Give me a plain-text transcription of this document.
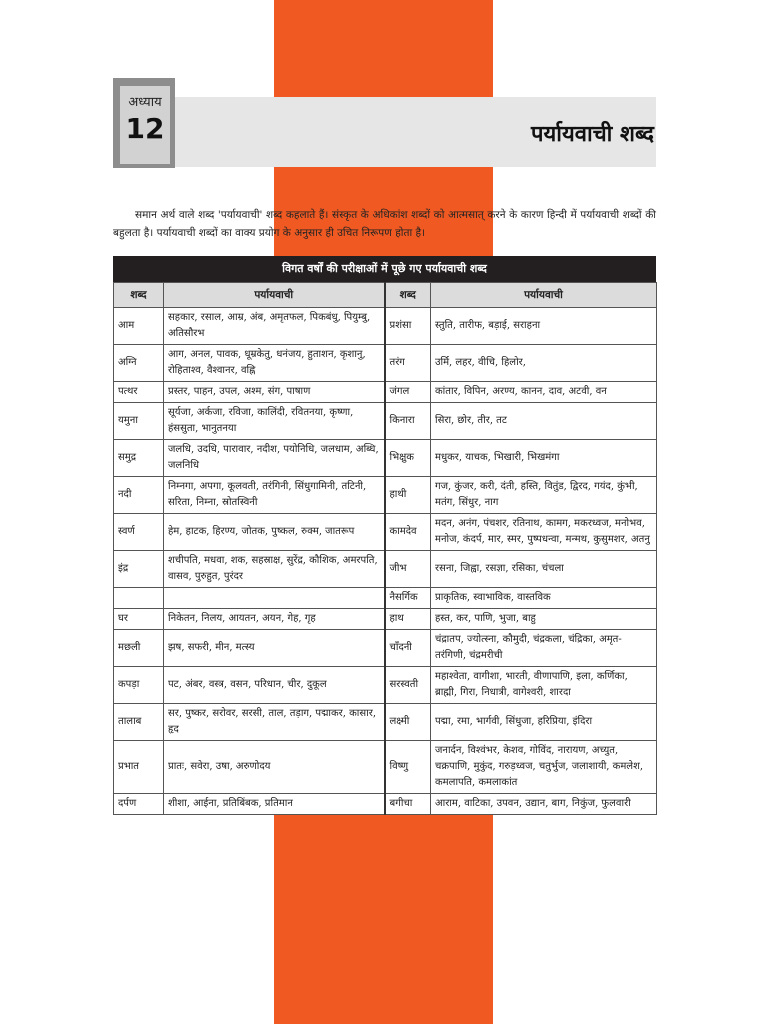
अध्याय
12	पर्यायवाची शब्द
समान अर्थ वाले शब्द 'पर्यायवाची' शब्द कहलाते हैं। संस्कृत के अधिकांश शब्दों को आत्मसात् करने के कारण हिन्दी में पर्यायवाची शब्दों की बहुलता है। पर्यायवाची शब्दों का वाक्य प्रयोग के अनुसार ही उचित निरूपण होता है।
विगत वर्षों की परीक्षाओं में पूछे गए पर्यायवाची शब्द
शब्द	पर्यायवाची	शब्द	पर्यायवाची
आम	सहकार, रसाल, आम्र, अंब, अमृतफल, पिकबंधु, पियुम्बु, अतिसौरभ	प्रशंसा	स्तुति, तारीफ, बड़ाई, सराहना
अग्नि	आग, अनल, पावक, धूम्रकेतु, धनंजय, हुताशन, कृशानु, रोहिताश्व, वैश्वानर, वह्नि	तरंग	उर्मि, लहर, वीचि, हिलोर,
पत्थर	प्रस्तर, पाहन, उपल, अश्म, संग, पाषाण	जंगल	कांतार, विपिन, अरण्य, कानन, दाव, अटवी, वन
यमुना	सूर्यजा, अर्कजा, रविजा, कालिंदी, रवितनया, कृष्णा, हंससुता, भानुतनया	किनारा	सिरा, छोर, तीर, तट
समुद्र	जलधि, उदधि, पारावार, नदीश, पयोनिधि, जलधाम, अब्धि, जलनिधि	भिक्षुक	मधुकर, याचक, भिखारी, भिखमंगा
नदी	निम्नगा, अपगा, कूलवती, तरंगिनी, सिंधुगामिनी, तटिनी, सरिता, निम्ना, स्रोतस्विनी	हाथी	गज, कुंजर, करी, दंती, हस्ति, वितुंड, द्विरद, गयंद, कुंभी, मतंग, सिंधुर, नाग
स्वर्ण	हेम, हाटक, हिरण्य, जोतक, पुष्कल, रुक्म, जातरूप	कामदेव	मदन, अनंग, पंचशर, रतिनाथ, कामग, मकरध्वज, मनोभव, मनोज, कंदर्प, मार, स्मर, पुष्पधन्वा, मन्मथ, कुसुमशर, अतनु
इंद्र	शचीपति, मधवा, शक, सहस्राक्ष, सुरेंद्र, कौशिक, अमरपति, वासव, पुरुहुत, पुरंदर	जीभ	रसना, जिह्वा, रसज्ञा, रसिका, चंचला
		नैसर्गिक	प्राकृतिक, स्वाभाविक, वास्तविक
घर	निकेतन, निलय, आयतन, अयन, गेह, गृह	हाथ	हस्त, कर, पाणि, भुजा, बाहु
मछली	झष, सफरी, मीन, मत्स्य	चाँदनी	चंद्रातप, ज्योत्स्ना, कौमुदी, चंद्रकला, चंद्रिका, अमृत-तरंगिणी, चंद्रमरीची
कपड़ा	पट, अंबर, वस्त्र, वसन, परिधान, चीर, दुकूल	सरस्वती	महाश्वेता, वागीशा, भारती, वीणापाणि, इला, कर्णिका, ब्राह्मी, गिरा, निधात्री, वागेश्वरी, शारदा
तालाब	सर, पुष्कर, सरोवर, सरसी, ताल, तड़ाग, पद्माकर, कासार, हृद	लक्ष्मी	पद्मा, रमा, भार्गवी, सिंधुजा, हरिप्रिया, इंदिरा
प्रभात	प्रातः, सवेरा, उषा, अरुणोदय	विष्णु	जनार्दन, विश्वंभर, केशव, गोविंद, नारायण, अच्युत, चक्रपाणि, मुकुंद, गरुड़ध्वज, चतुर्भुज, जलाशायी, कमलेश, कमलापति, कमलाकांत
दर्पण	शीशा, आईना, प्रतिबिंबक, प्रतिमान	बगीचा	आराम, वाटिका, उपवन, उद्यान, बाग, निकुंज, फुलवारी
